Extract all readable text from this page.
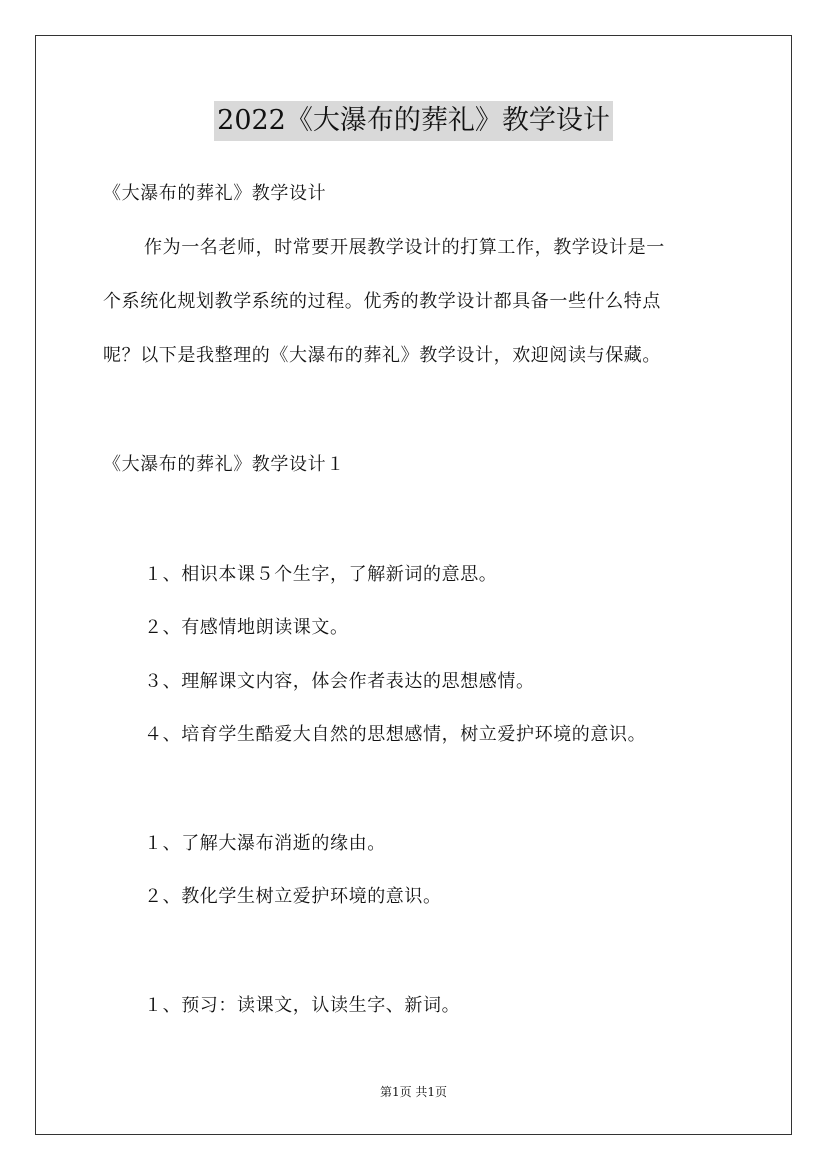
2022《大瀑布的葬礼》教学设计
《大瀑布的葬礼》教学设计
作为一名老师，时常要开展教学设计的打算工作，教学设计是一
个系统化规划教学系统的过程。优秀的教学设计都具备一些什么特点
呢？以下是我整理的《大瀑布的葬礼》教学设计，欢迎阅读与保藏。
《大瀑布的葬礼》教学设计１
１、相识本课５个生字，了解新词的意思。
２、有感情地朗读课文。
３、理解课文内容，体会作者表达的思想感情。
４、培育学生酷爱大自然的思想感情，树立爱护环境的意识。
１、了解大瀑布消逝的缘由。
２、教化学生树立爱护环境的意识。
１、预习：读课文，认读生字、新词。
第1页 共1页
